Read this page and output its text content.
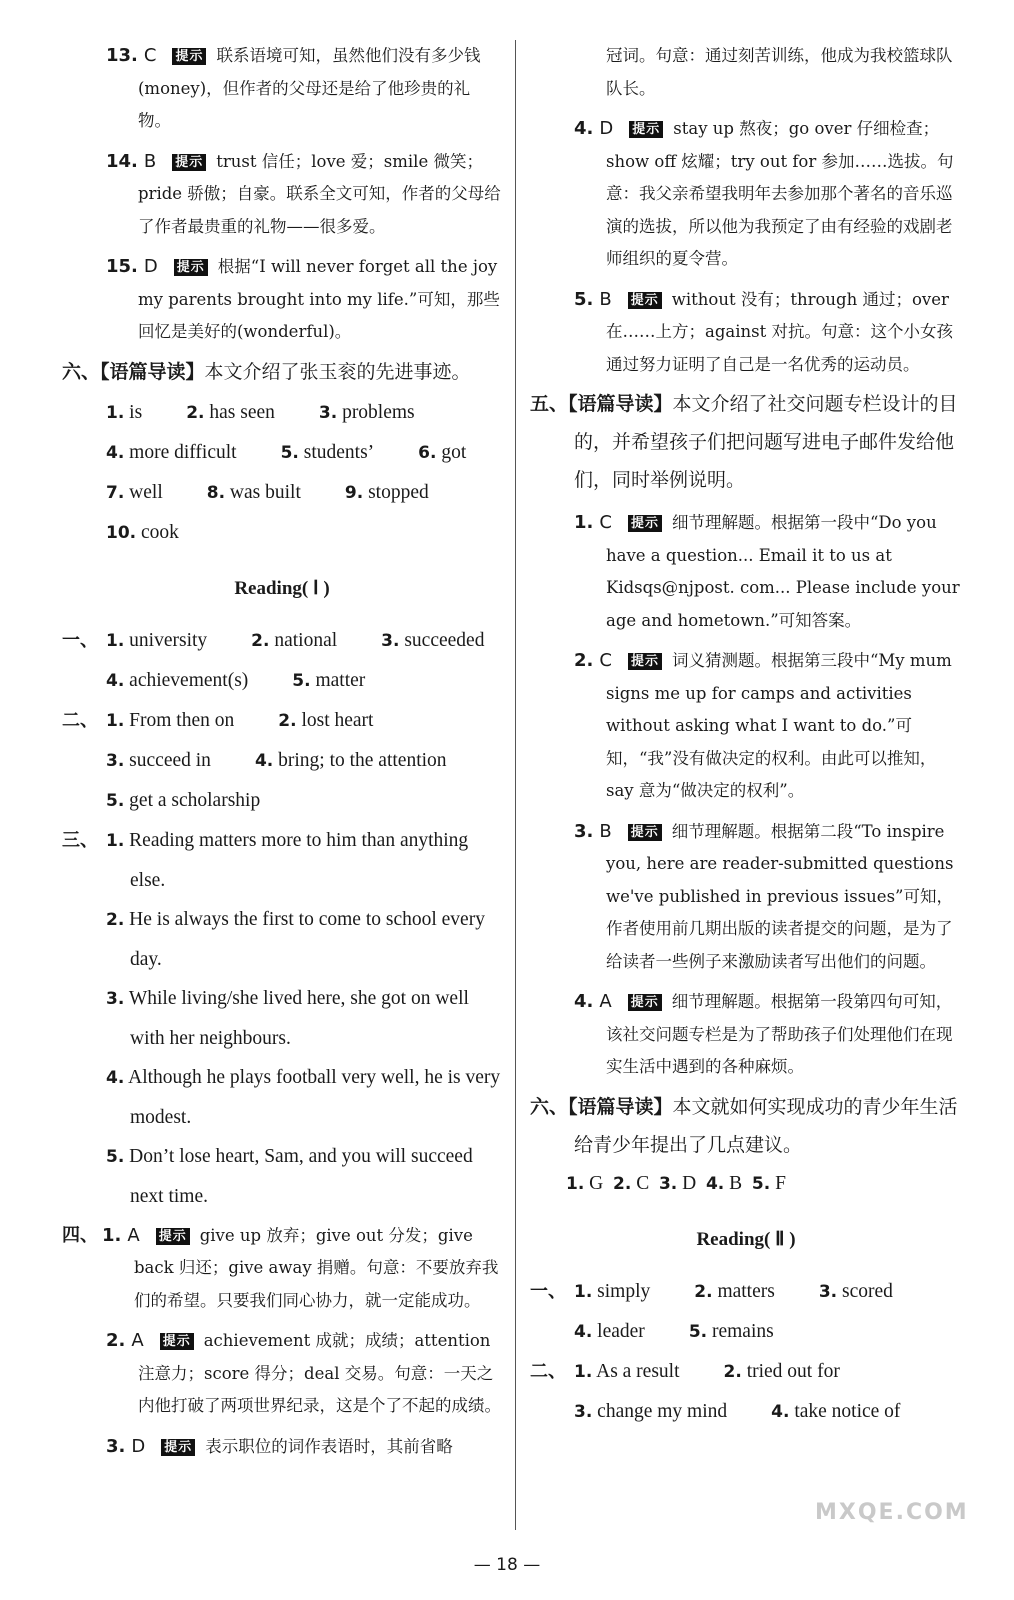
13. C 提示 联系语境可知，虽然他们没有多少钱(money)，但作者的父母还是给了他珍贵的礼物。

14. B 提示 trust 信任；love 爱；smile 微笑；pride 骄傲；自豪。联系全文可知，作者的父母给了作者最贵重的礼物——很多爱。

15. D 提示 根据“I will never forget all the joy my parents brought into my life.”可知，那些回忆是美好的(wonderful)。

六、【语篇导读】本文介绍了张玉衮的先进事迹。

1. is	2. has seen	3. problems

4. more difficult	5. students’	6. got

7. well	8. was built	9. stopped

10. cook

Reading( Ⅰ )

一、 1. university	2. national	3. succeeded

4. achievement(s)	5. matter

二、 1. From then on	2. lost heart

3. succeed in	4. bring; to the attention

5. get a scholarship

三、 1. Reading matters more to him than anything else.

2. He is always the first to come to school every day.

3. While living/she lived here, she got on well with her neighbours.

4. Although he plays football very well, he is very modest.

5. Don’t lose heart, Sam, and you will succeed next time.

四、 1. A 提示 give up 放弃；give out 分发；give back 归还；give away 捐赠。句意：不要放弃我们的希望。只要我们同心协力，就一定能成功。

2. A 提示 achievement 成就；成绩；attention 注意力；score 得分；deal 交易。句意：一天之内他打破了两项世界纪录，这是个了不起的成绩。

3. D 提示 表示职位的词作表语时，其前省略

冠词。句意：通过刻苦训练，他成为我校篮球队队长。

4. D 提示 stay up 熬夜；go over 仔细检查；show off 炫耀；try out for 参加……选拔。句意：我父亲希望我明年去参加那个著名的音乐巡演的选拔，所以他为我预定了由有经验的戏剧老师组织的夏令营。

5. B 提示 without 没有；through 通过；over 在……上方；against 对抗。句意：这个小女孩通过努力证明了自己是一名优秀的运动员。

五、【语篇导读】本文介绍了社交问题专栏设计的目的，并希望孩子们把问题写进电子邮件发给他们，同时举例说明。

1. C 提示 细节理解题。根据第一段中“Do you have a question... Email it to us at Kidsqs@njpost. com... Please include your age and hometown.”可知答案。

2. C 提示 词义猜测题。根据第三段中“My mum signs me up for camps and activities without asking what I want to do.”可知，“我”没有做决定的权利。由此可以推知，say 意为“做决定的权利”。

3. B 提示 细节理解题。根据第二段“To inspire you, here are reader-submitted questions we've published in previous issues”可知，作者使用前几期出版的读者提交的问题，是为了给读者一些例子来激励读者写出他们的问题。

4. A 提示 细节理解题。根据第一段第四句可知，该社交问题专栏是为了帮助孩子们处理他们在现实生活中遇到的各种麻烦。

六、【语篇导读】本文就如何实现成功的青少年生活给青少年提出了几点建议。

1. G 2. C 3. D 4. B 5. F

Reading( Ⅱ )

一、 1. simply	2. matters	3. scored

4. leader	5. remains

二、 1. As a result	2. tried out for

3. change my mind	4. take notice of

MXQE.COM
— 18 —
